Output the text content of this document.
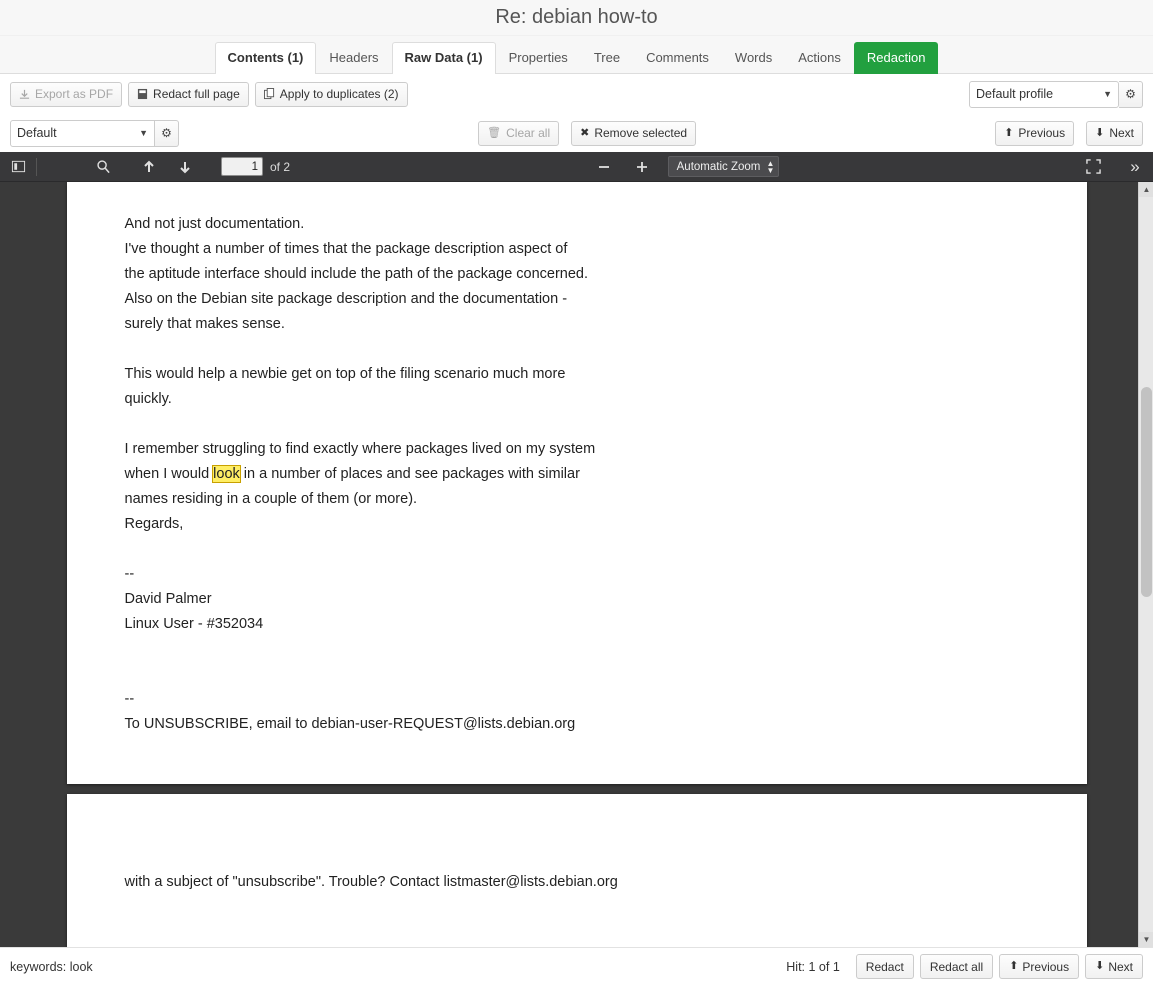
Re: debian how-to
Contents (1)	Headers	Raw Data (1)	Properties	Tree	Comments	Words	Actions	Redaction
Export as PDF	Redact full page	Apply to duplicates (2)	Default profile	▼ ⚙
Default	▼ ⚙	🗑 Clear all	✖ Remove selected	⬆ Previous	⬇ Next
1
of 2	Automatic Zoom ▲
▼	»
And not just documentation.
I've thought a number of times that the package description aspect of
the aptitude interface should include the path of the package concerned.
Also on the Debian site package description and the documentation -
surely that makes sense.
This would help a newbie get on top of the filing scenario much more
quickly.
I remember struggling to find exactly where packages lived on my system
when I would look in a number of places and see packages with similar
names residing in a couple of them (or more).
Regards,
--
David Palmer
Linux User - #352034
--
To UNSUBSCRIBE, email to debian-user-REQUEST@lists.debian.org
with a subject of "unsubscribe". Trouble? Contact listmaster@lists.debian.org
▲
▼
keywords: look	Hit: 1 of 1 Redact Redact all ⬆ Previous ⬇ Next
